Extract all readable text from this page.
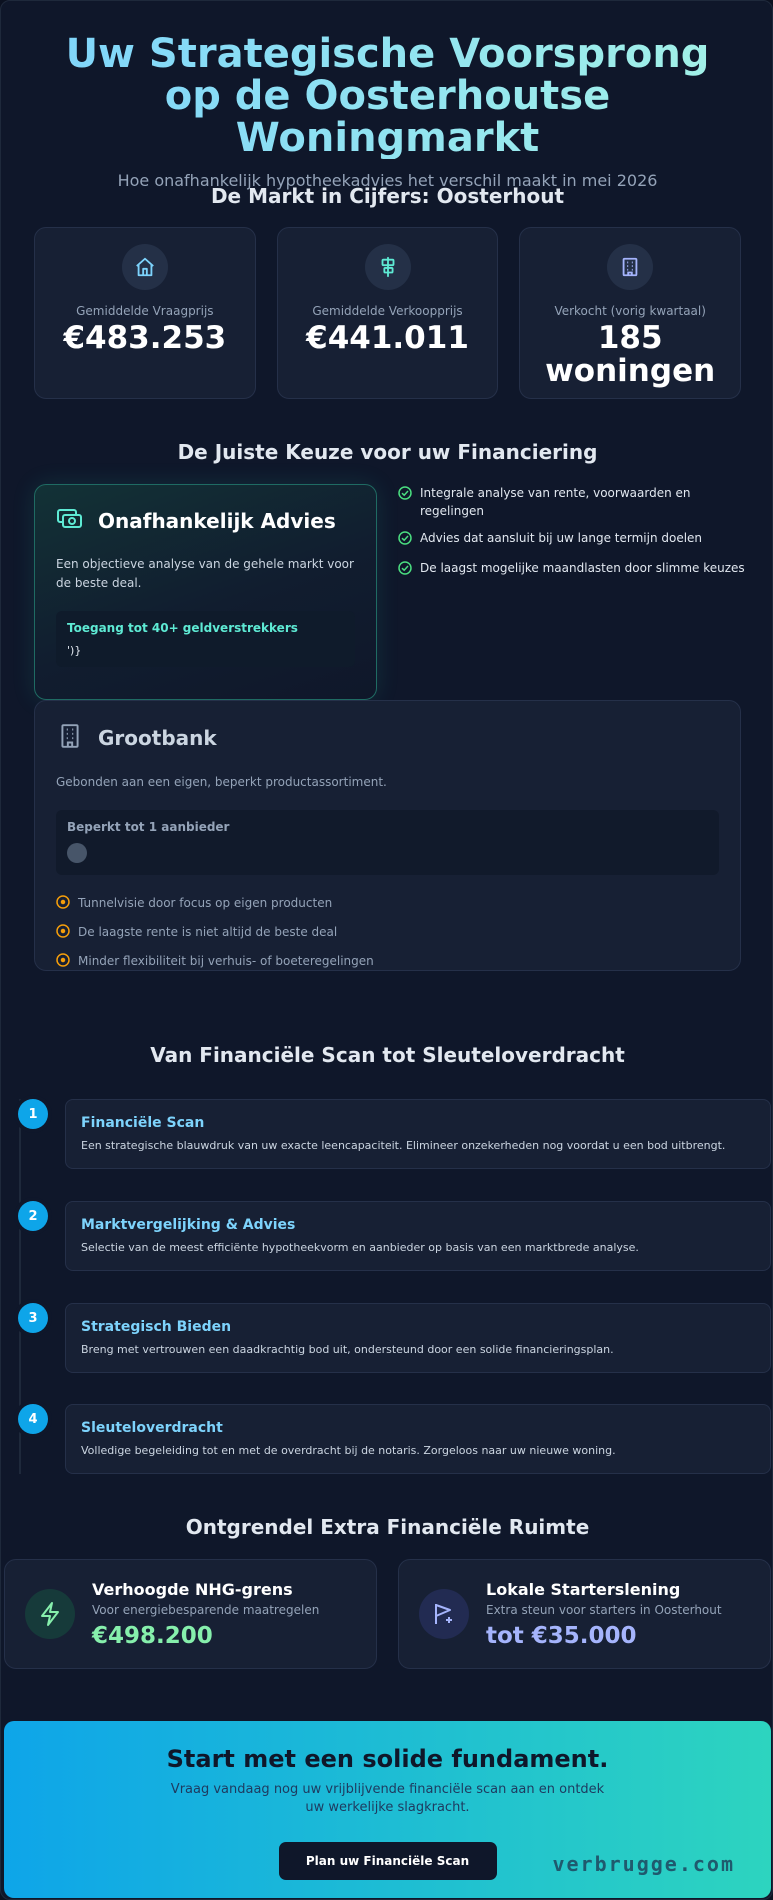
Uw Strategische Voorsprong op de Oosterhoutse Woningmarkt

Hoe onafhankelijk hypotheekadvies het verschil maakt in mei 2026

De Markt in Cijfers: Oosterhout
Gemiddelde Vraagprijs
€483.253
Gemiddelde Verkoopprijs
€441.011
Verkocht (vorig kwartaal)
185 woningen
De Juiste Keuze voor uw Financiering
Onafhankelijk Advies
Een objectieve analyse van de gehele markt voor de beste deal.
Toegang tot 40+ geldverstrekkers
')}
Integrale analyse van rente, voorwaarden en regelingen
Advies dat aansluit bij uw lange termijn doelen
De laagst mogelijke maandlasten door slimme keuzes
Grootbank
Gebonden aan een eigen, beperkt productassortiment.
Beperkt tot 1 aanbieder
Tunnelvisie door focus op eigen producten
De laagste rente is niet altijd de beste deal
Minder flexibiliteit bij verhuis- of boeteregelingen
Van Financiële Scan tot Sleuteloverdracht
1
Financiële Scan
Een strategische blauwdruk van uw exacte leencapaciteit. Elimineer onzekerheden nog voordat u een bod uitbrengt.
2
Marktvergelijking & Advies
Selectie van de meest efficiënte hypotheekvorm en aanbieder op basis van een marktbrede analyse.
3
Strategisch Bieden
Breng met vertrouwen een daadkrachtig bod uit, ondersteund door een solide financieringsplan.
4
Sleuteloverdracht
Volledige begeleiding tot en met de overdracht bij de notaris. Zorgeloos naar uw nieuwe woning.
Ontgrendel Extra Financiële Ruimte
Verhoogde NHG-grens
Voor energiebesparende maatregelen
€498.200
Lokale Starterslening
Extra steun voor starters in Oosterhout
tot €35.000
Start met een solide fundament.
Vraag vandaag nog uw vrijblijvende financiële scan aan en ontdek uw werkelijke slagkracht.
Plan uw Financiële Scan	verbrugge.com
